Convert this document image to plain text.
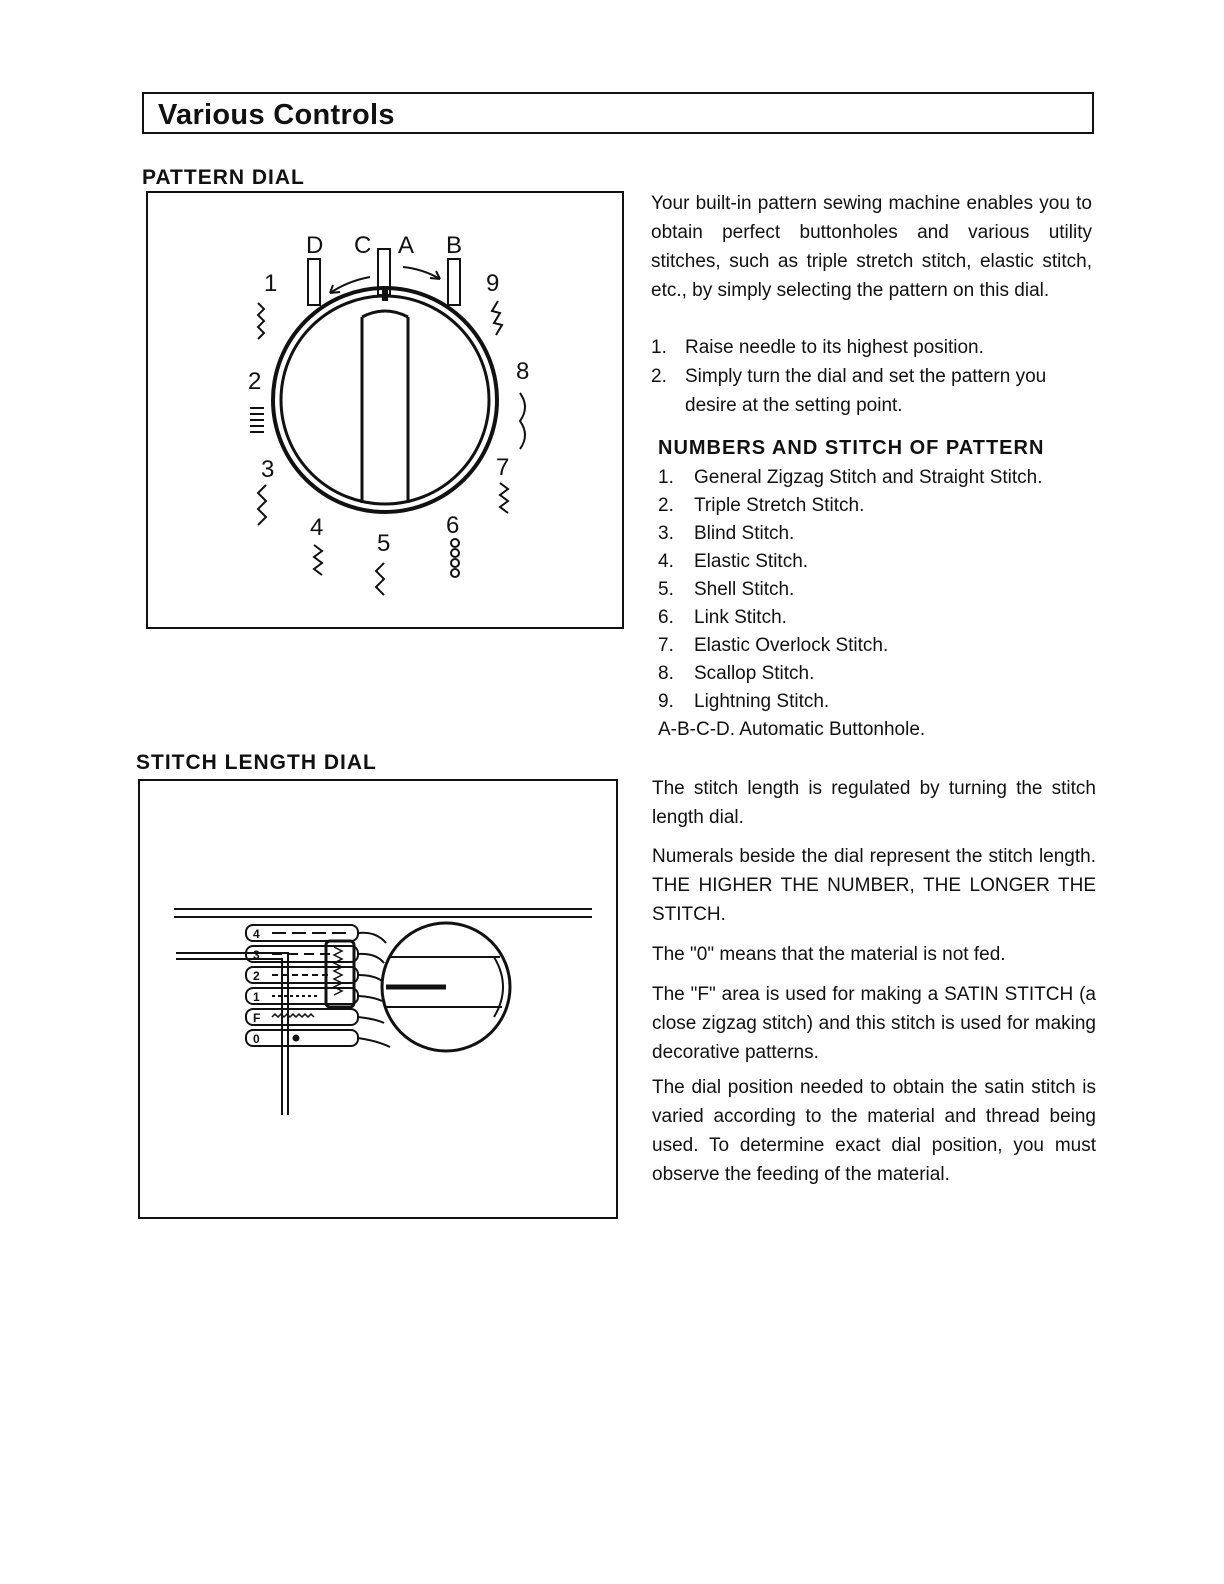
Various Controls
PATTERN DIAL
D C A B
1
2
3
4
5
6
7
8
9

Your built-in pattern sewing machine enables you to obtain perfect buttonholes and various utility stitches, such as triple stretch stitch, elastic stitch, etc., by simply selecting the pattern on this dial.

1. Raise needle to its highest position.
2. Simply turn the dial and set the pattern you desire at the setting point.
NUMBERS AND STITCH OF PATTERN
1. General Zigzag Stitch and Straight Stitch.
2. Triple Stretch Stitch.
3. Blind Stitch.
4. Elastic Stitch.
5. Shell Stitch.
6. Link Stitch.
7. Elastic Overlock Stitch.
8. Scallop Stitch.
9. Lightning Stitch.
A-B-C-D. Automatic Buttonhole.
STITCH LENGTH DIAL
4
3
2
1
F
0

The stitch length is regulated by turning the stitch length dial.

Numerals beside the dial represent the stitch length. THE HIGHER THE NUMBER, THE LONGER THE STITCH.

The "0" means that the material is not fed.

The "F" area is used for making a SATIN STITCH (a close zigzag stitch) and this stitch is used for making decorative patterns.

The dial position needed to obtain the satin stitch is varied according to the material and thread being used. To determine exact dial position, you must observe the feeding of the material.
